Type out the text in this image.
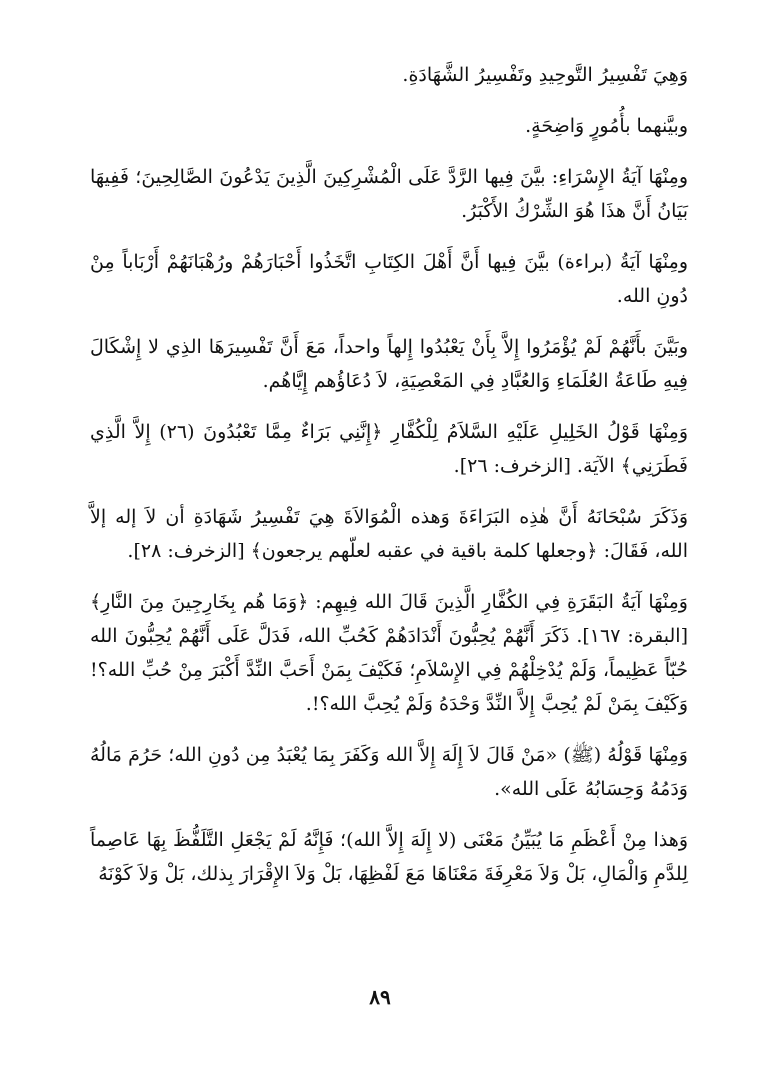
وَهِيَ تَفْسِيرُ التَّوحِيدِ وتَفْسِيرُ الشَّهَادَةِ.

وبيَّنهما بأُمُورٍ وَاضِحَةٍ.

ومِنْهَا آيَةُ الإِسْرَاءِ: بيَّنَ فِيها الرَّدَّ عَلَى الْمُشْرِكِينَ الَّذِينَ يَدْعُونَ الصَّالِحِينَ؛ فَفِيهَا بَيَانُ أَنَّ هذَا هُوَ الشِّرْكُ الأَكْبَرُ.

ومِنْهَا آيَةُ (براءة) بيَّنَ فِيها أَنَّ أَهْلَ الكِتَابِ اتَّخَذُوا أَحْبَارَهُمْ ورُهْبَانَهُمْ أَرْبَاباً مِنْ دُونِ الله.

وبَيَّنَ بأَنَّهُمْ لَمْ يُؤْمَرُوا إِلاَّ بِأَنْ يَعْبُدُوا إِلهاً واحداً، مَعَ أَنَّ تَفْسِيرَهَا الذِي لا إِشْكَالَ فِيهِ طَاعَةُ العُلَمَاءِ وَالعُبَّادِ فِي المَعْصِيَةِ، لاَ دُعَاؤُهم إِيَّاهُم.

وَمِنْهَا قَوْلُ الخَلِيلِ عَلَيْهِ السَّلاَمُ لِلْكُفَّارِ ﴿إِنَّنِي بَرَاءٌ مِمَّا تَعْبُدُونَ (٢٦) إِلاَّ الَّذِي فَطَرَنِي﴾ الآيَة. [الزخرف: ٢٦].

وَذَكَرَ سُبْحَانَهُ أَنَّ هٰذِه البَرَاءَةَ وَهذه الْمُوَالاَةَ هِيَ تَفْسِيرُ شَهَادَةِ أن لاَ إله إلاَّ الله، فَقَالَ: ﴿وجعلها كلمة باقية في عقبه لعلّهم يرجعون﴾ [الزخرف: ٢٨].

وَمِنْهَا آيَةُ البَقَرَةِ فِي الكُفَّارِ الَّذِينَ قَالَ الله فِيهِم: ﴿وَمَا هُم بِخَارِجِينَ مِنَ النَّارِ﴾ [البقرة: ١٦٧]. ذَكَرَ أَنَّهُمْ يُحِبُّونَ أَنْدَادَهُمْ كَحُبِّ الله، فَدَلَّ عَلَى أَنَّهُمْ يُحِبُّونَ الله حُبّاً عَظِيماً، وَلَمْ يُدْخِلْهُمْ فِي الإِسْلاَمِ؛ فَكَيْفَ بِمَنْ أَحَبَّ النِّدَّ أَكْبَرَ مِنْ حُبِّ الله؟! وَكَيْفَ بِمَنْ لَمْ يُحِبَّ إِلاَّ النِّدَّ وَحْدَهُ وَلَمْ يُحِبَّ الله؟!.

وَمِنْهَا قَوْلُهُ (ﷺ) «مَنْ قَالَ لاَ إِلَهَ إِلاَّ الله وَكَفَرَ بِمَا يُعْبَدُ مِن دُونِ الله؛ حَرُمَ مَالُهُ وَدَمُهُ وَحِسَابُهُ عَلَى الله».

وَهذا مِنْ أَعْظَمِ مَا يُبَيِّنُ مَعْنَى (لا إِلَهَ إِلاَّ الله)؛ فَإِنَّهُ لَمْ يَجْعَلِ التَّلَفُّظَ بِهَا عَاصِماً لِلدَّمِ وَالْمَالِ، بَلْ وَلاَ مَعْرِفَةَ مَعْنَاهَا مَعَ لَفْظِهَا، بَلْ وَلاَ الإِقْرَارَ بِذلك، بَلْ وَلاَ كَوْنَهُ

٨٩
